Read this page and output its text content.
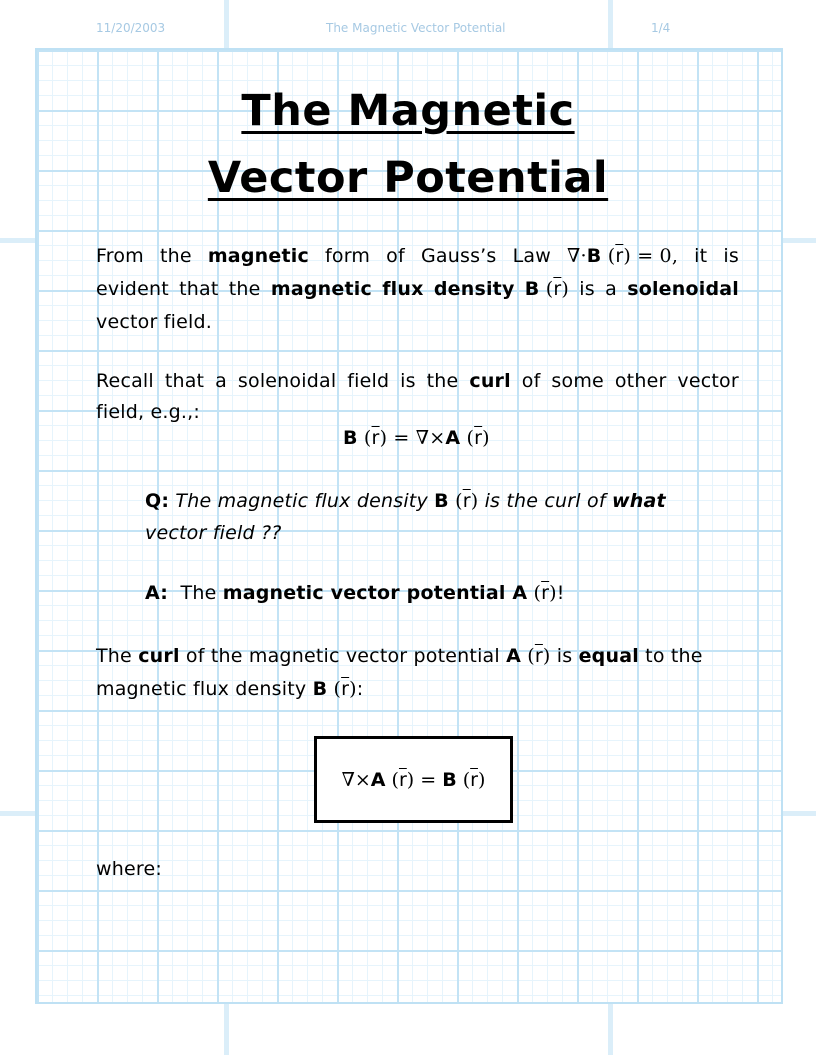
11/20/2003	The Magnetic Vector Potential	1/4
The Magnetic
Vector Potential
From the magnetic form of Gauss’s Law ∇·B $(\overline{r}) = 0$, it is
evident that the magnetic flux density B $(\overline{r})$ is a solenoidal
vector field.
Recall that a solenoidal field is the curl of some other vector
field, e.g.,:
B $(\overline{r}) = \nabla\times A$ $(\overline{r})$
Q: The magnetic flux density B $(\overline{r})$ is the curl of what
vector field ??
A:  The magnetic vector potential A $(\overline{r})$!
The curl of the magnetic vector potential A $(\overline{r})$ is equal to the
magnetic flux density B $(\overline{r})$:
∇× A ( $\overline{r}$ ) = B ( $\overline{r}$ )
where:
